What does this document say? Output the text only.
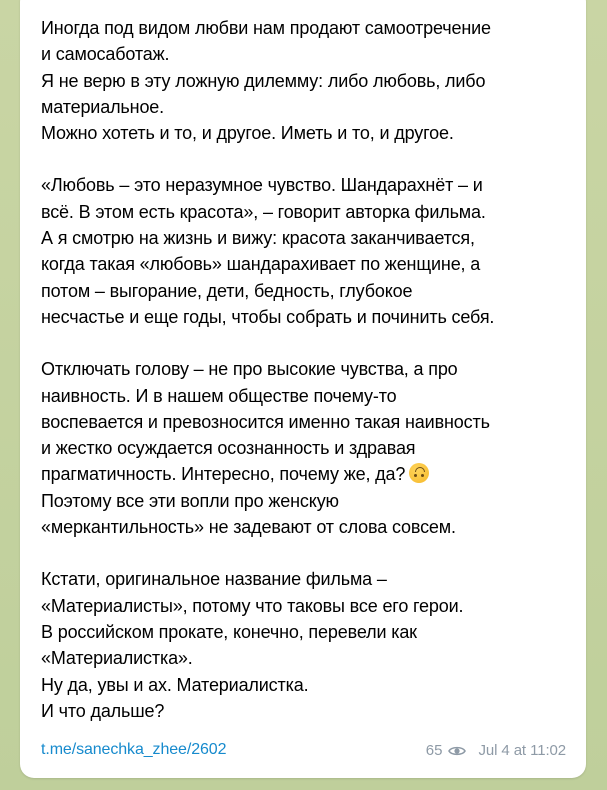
Иногда под видом любви нам продают самоотречение
и самосаботаж.
Я не верю в эту ложную дилемму: либо любовь, либо
материальное.
Можно хотеть и то, и другое. Иметь и то, и другое.
«Любовь – это неразумное чувство. Шандарахнёт – и
всё. В этом есть красота», – говорит авторка фильма.
А я смотрю на жизнь и вижу: красота заканчивается,
когда такая «любовь» шандарахивает по женщине, а
потом – выгорание, дети, бедность, глубокое
несчастье и еще годы, чтобы собрать и починить себя.
Отключать голову – не про высокие чувства, а про
наивность. И в нашем обществе почему-то
воспевается и превозносится именно такая наивность
и жестко осуждается осознанность и здравая
прагматичность. Интересно, почему же, да?
Поэтому все эти вопли про женскую
«меркантильность» не задевают от слова совсем.
Кстати, оригинальное название фильма –
«Материалисты», потому что таковы все его герои.
В российском прокате, конечно, перевели как
«Материалистка».
Ну да, увы и ах. Материалистка.
И что дальше?
t.me/sanechka_zhee/2602	65 Jul 4 at 11:02
